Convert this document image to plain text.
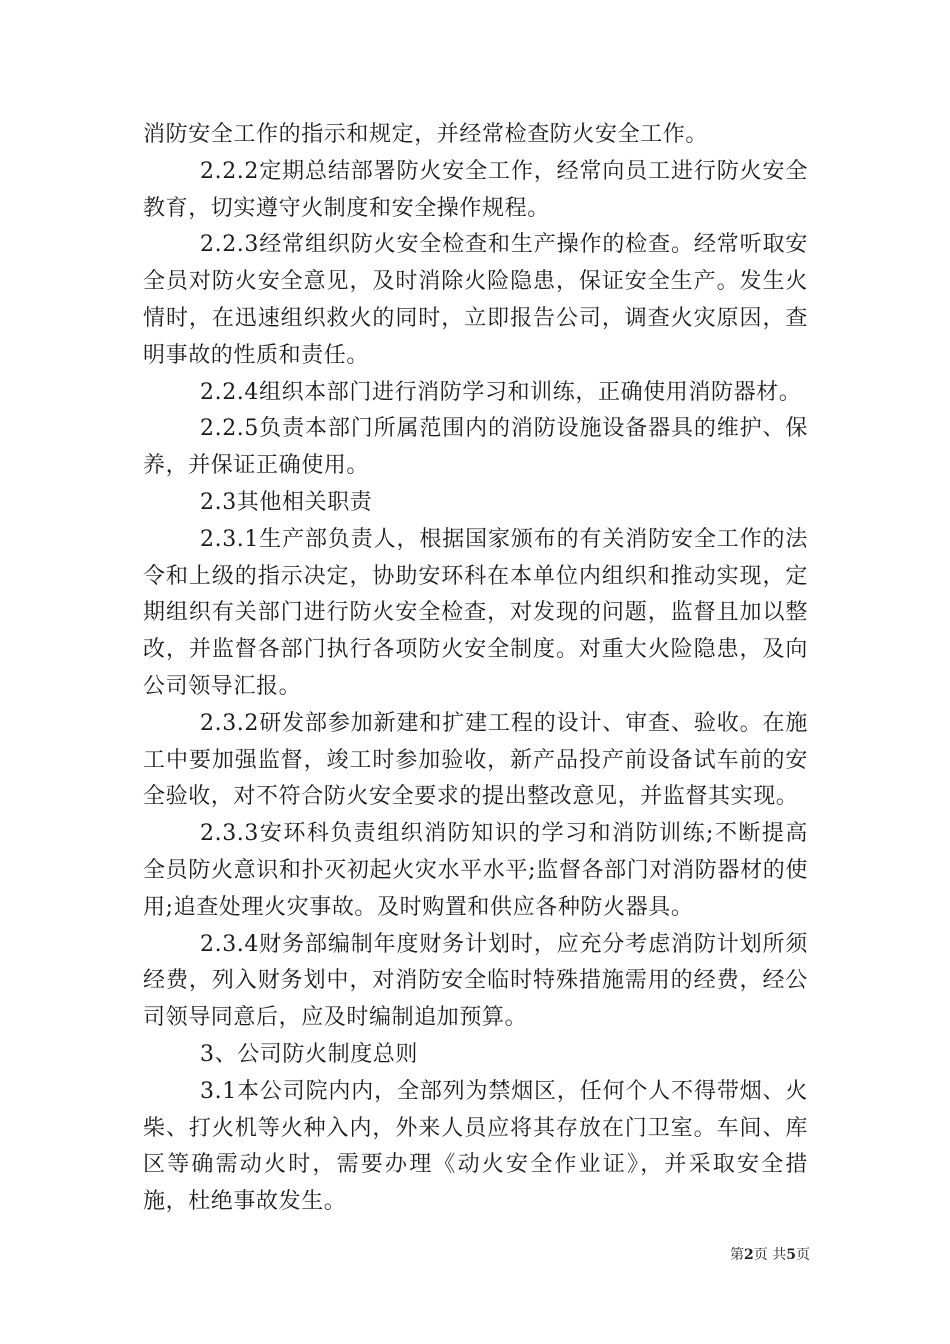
消防安全工作的指示和规定，并经常检查防火安全工作。

2.2.2定期总结部署防火安全工作，经常向员工进行防火安全教育，切实遵守火制度和安全操作规程。

2.2.3经常组织防火安全检查和生产操作的检查。经常听取安全员对防火安全意见，及时消除火险隐患，保证安全生产。发生火情时，在迅速组织救火的同时，立即报告公司，调查火灾原因，查明事故的性质和责任。

2.2.4组织本部门进行消防学习和训练，正确使用消防器材。

2.2.5负责本部门所属范围内的消防设施设备器具的维护、保养，并保证正确使用。

2.3其他相关职责

2.3.1生产部负责人，根据国家颁布的有关消防安全工作的法令和上级的指示决定，协助安环科在本单位内组织和推动实现，定期组织有关部门进行防火安全检查，对发现的问题，监督且加以整改，并监督各部门执行各项防火安全制度。对重大火险隐患，及向公司领导汇报。

2.3.2研发部参加新建和扩建工程的设计、审查、验收。在施工中要加强监督，竣工时参加验收，新产品投产前设备试车前的安全验收，对不符合防火安全要求的提出整改意见，并监督其实现。

2.3.3安环科负责组织消防知识的学习和消防训练;不断提高全员防火意识和扑灭初起火灾水平水平;监督各部门对消防器材的使用;追查处理火灾事故。及时购置和供应各种防火器具。

2.3.4财务部编制年度财务计划时，应充分考虑消防计划所须经费，列入财务划中，对消防安全临时特殊措施需用的经费，经公司领导同意后，应及时编制追加预算。

3、公司防火制度总则

3.1本公司院内内，全部列为禁烟区，任何个人不得带烟、火柴、打火机等火种入内，外来人员应将其存放在门卫室。车间、库区等确需动火时，需要办理《动火安全作业证》，并采取安全措施，杜绝事故发生。

第2页 共5页
